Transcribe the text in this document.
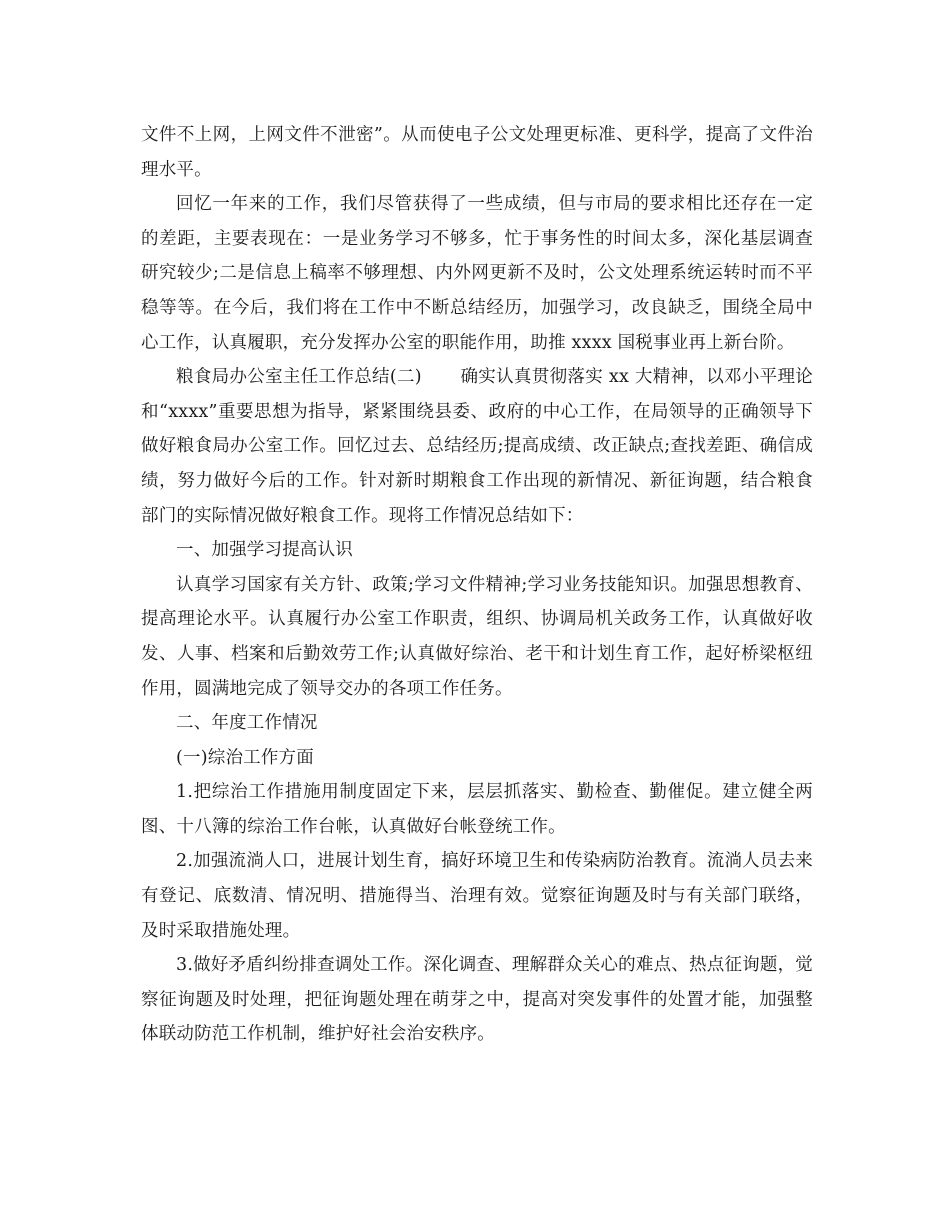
文件不上网，上网文件不泄密”。从而使电子公文处理更标准、更科学，提高了文件治理水平。

回忆一年来的工作，我们尽管获得了一些成绩，但与市局的要求相比还存在一定的差距，主要表现在：一是业务学习不够多，忙于事务性的时间太多，深化基层调查研究较少;二是信息上稿率不够理想、内外网更新不及时，公文处理系统运转时而不平稳等等。在今后，我们将在工作中不断总结经历，加强学习，改良缺乏，围绕全局中心工作，认真履职，充分发挥办公室的职能作用，助推 xxxx 国税事业再上新台阶。

粮食局办公室主任工作总结(二) 确实认真贯彻落实 xx 大精神，以邓小平理论和“xxxx”重要思想为指导，紧紧围绕县委、政府的中心工作，在局领导的正确领导下做好粮食局办公室工作。回忆过去、总结经历;提高成绩、改正缺点;查找差距、确信成绩，努力做好今后的工作。针对新时期粮食工作出现的新情况、新征询题，结合粮食部门的实际情况做好粮食工作。现将工作情况总结如下：

一、加强学习提高认识

认真学习国家有关方针、政策;学习文件精神;学习业务技能知识。加强思想教育、提高理论水平。认真履行办公室工作职责，组织、协调局机关政务工作，认真做好收发、人事、档案和后勤效劳工作;认真做好综治、老干和计划生育工作，起好桥梁枢纽作用，圆满地完成了领导交办的各项工作任务。

二、年度工作情况

(一)综治工作方面

1.把综治工作措施用制度固定下来，层层抓落实、勤检查、勤催促。建立健全两图、十八簿的综治工作台帐，认真做好台帐登统工作。

2.加强流淌人口，进展计划生育，搞好环境卫生和传染病防治教育。流淌人员去来有登记、底数清、情况明、措施得当、治理有效。觉察征询题及时与有关部门联络，及时采取措施处理。

3.做好矛盾纠纷排查调处工作。深化调查、理解群众关心的难点、热点征询题，觉察征询题及时处理，把征询题处理在萌芽之中，提高对突发事件的处置才能，加强整体联动防范工作机制，维护好社会治安秩序。
